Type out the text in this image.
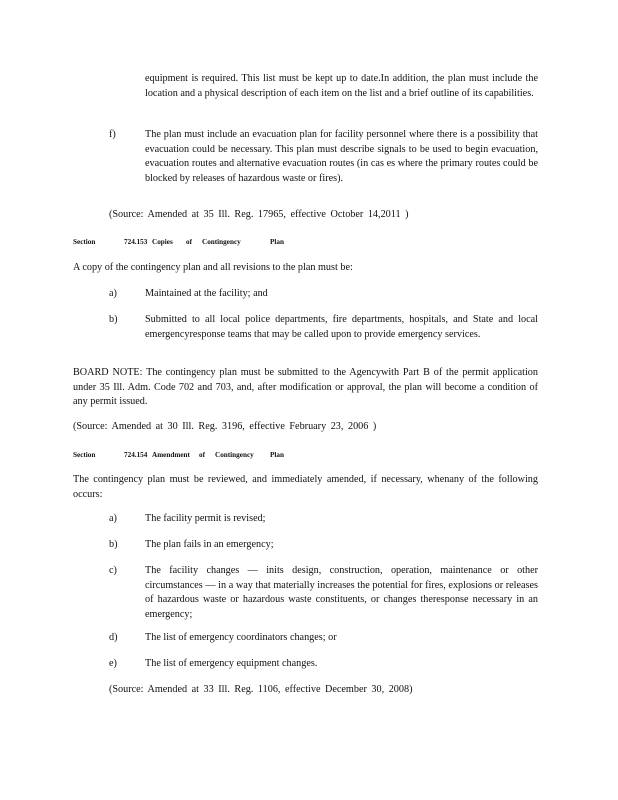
equipment is required. This list must be kept up to date.In addition, the plan must include the location and a physical description of each item on the list and a brief outline of its capabilities.

f)	The plan must include an evacuation plan for facility personnel where there is a possibility that evacuation could be necessary. This plan must describe signals to be used to begin evacuation, evacuation routes and alternative evacuation routes (in cas es where the primary routes could be blocked by releases of hazardous waste or fires).

(Source: Amended at 35 Ill. Reg. 17965, effective October 14,2011 )

Section	724.153 Copies of Contingency	Plan

A copy of the contingency plan and all revisions to the plan must be:

a)	Maintained at the facility; and

b)	Submitted to all local police departments, fire departments, hospitals, and State and local emergencyresponse teams that may be called upon to provide emergency services.

BOARD NOTE: The contingency plan must be submitted to the Agencywith Part B of the permit application under 35 Ill. Adm. Code 702 and 703, and, after modification or approval, the plan will become a condition of any permit issued.

(Source: Amended at 30 Ill. Reg. 3196, effective February 23, 2006 )

Section	724.154 Amendment of Contingency Plan

The contingency plan must be reviewed, and immediately amended, if necessary, whenany of the following occurs:

a)	The facility permit is revised;

b)	The plan fails in an emergency;

c)	The facility changes — inits design, construction, operation, maintenance or other circumstances — in a way that materially increases the potential for fires, explosions or releases of hazardous waste or hazardous waste constituents, or changes theresponse necessary in an emergency;

d)	The list of emergency coordinators changes; or

e)	The list of emergency equipment changes.

(Source: Amended at 33 Ill. Reg. 1106, effective December 30, 2008)
